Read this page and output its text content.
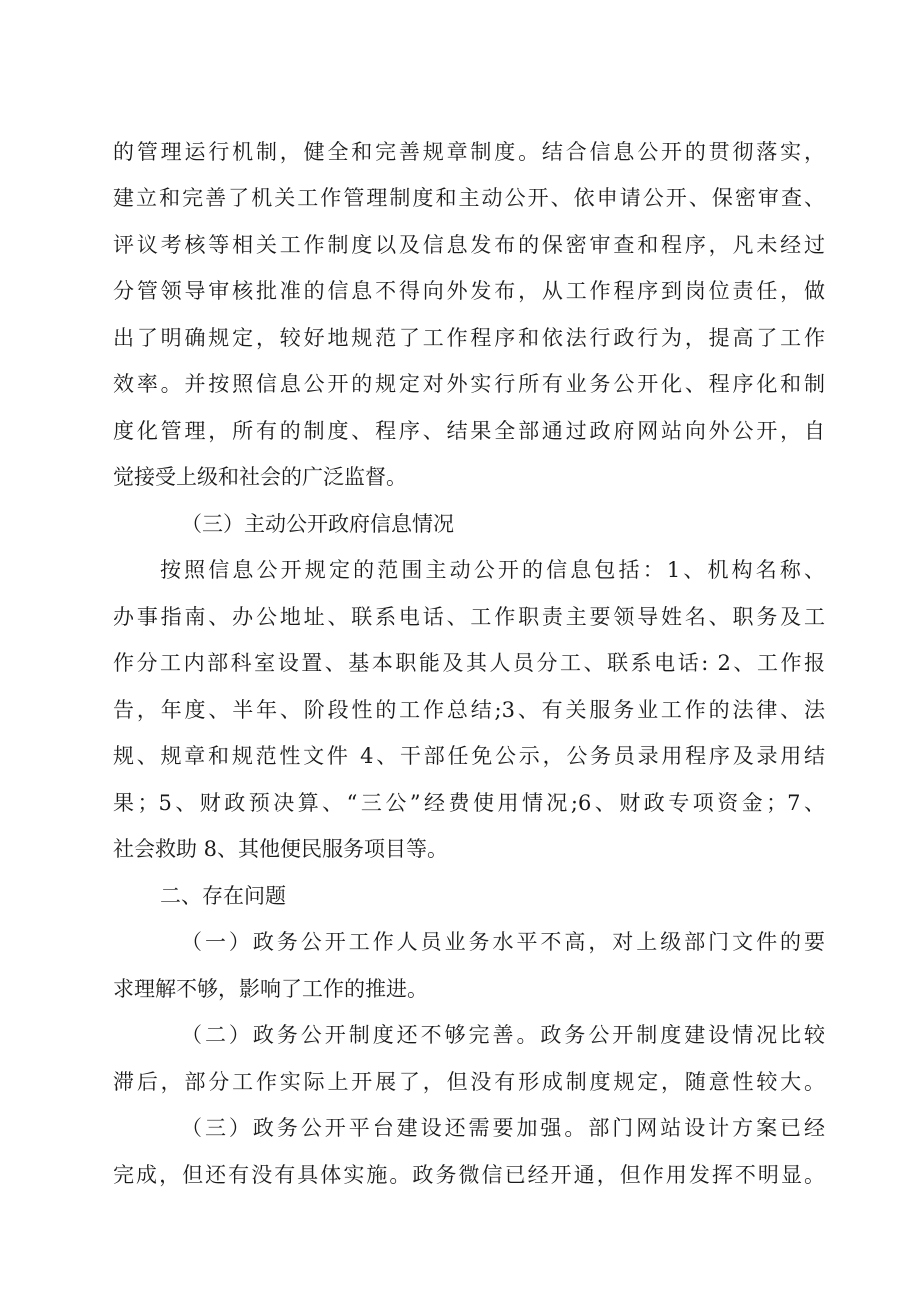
的管理运行机制，健全和完善规章制度。结合信息公开的贯彻落实，

建立和完善了机关工作管理制度和主动公开、依申请公开、保密审查、

评议考核等相关工作制度以及信息发布的保密审查和程序，凡未经过

分管领导审核批准的信息不得向外发布，从工作程序到岗位责任，做

出了明确规定，较好地规范了工作程序和依法行政行为，提高了工作

效率。并按照信息公开的规定对外实行所有业务公开化、程序化和制

度化管理，所有的制度、程序、结果全部通过政府网站向外公开，自

觉接受上级和社会的广泛监督。

（三）主动公开政府信息情况

按照信息公开规定的范围主动公开的信息包括：1、机构名称、

办事指南、办公地址、联系电话、工作职责主要领导姓名、职务及工

作分工内部科室设置、基本职能及其人员分工、联系电话: 2、工作报

告，年度、半年、阶段性的工作总结;3、有关服务业工作的法律、法

规、规章和规范性文件 4、干部任免公示，公务员录用程序及录用结

果；5、财政预决算、“三公”经费使用情况;6、财政专项资金；7、

社会救助 8、其他便民服务项目等。

二、存在问题

（一）政务公开工作人员业务水平不高，对上级部门文件的要

求理解不够，影响了工作的推进。

（二）政务公开制度还不够完善。政务公开制度建设情况比较

滞后，部分工作实际上开展了，但没有形成制度规定，随意性较大。

（三）政务公开平台建设还需要加强。部门网站设计方案已经

完成，但还有没有具体实施。政务微信已经开通，但作用发挥不明显。
